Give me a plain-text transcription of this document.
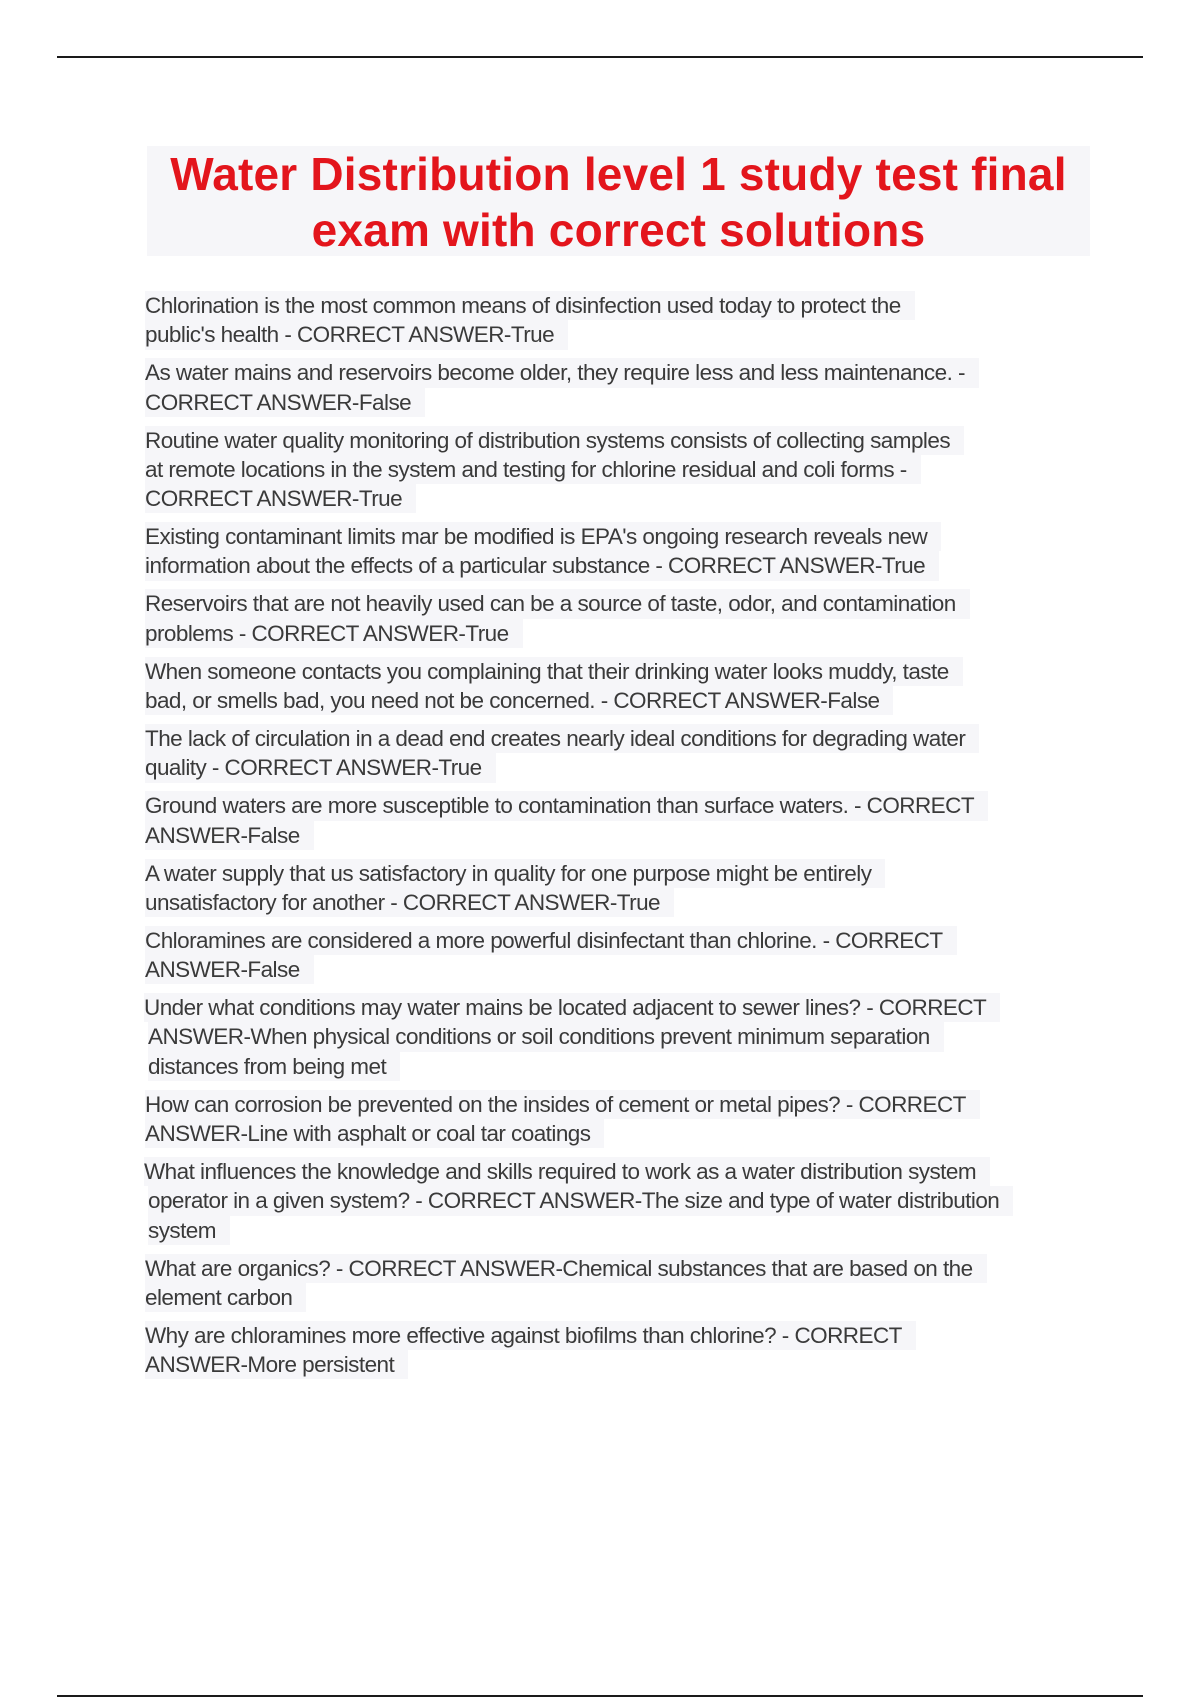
Water Distribution level 1 study test final
exam with correct solutions
Chlorination is the most common means of disinfection used today to protect the
public's health - CORRECT ANSWER-True
As water mains and reservoirs become older, they require less and less maintenance. -
CORRECT ANSWER-False
Routine water quality monitoring of distribution systems consists of collecting samples
at remote locations in the system and testing for chlorine residual and coli forms -
CORRECT ANSWER-True
Existing contaminant limits mar be modified is EPA's ongoing research reveals new
information about the effects of a particular substance - CORRECT ANSWER-True
Reservoirs that are not heavily used can be a source of taste, odor, and contamination
problems - CORRECT ANSWER-True
When someone contacts you complaining that their drinking water looks muddy, taste
bad, or smells bad, you need not be concerned. - CORRECT ANSWER-False
The lack of circulation in a dead end creates nearly ideal conditions for degrading water
quality - CORRECT ANSWER-True
Ground waters are more susceptible to contamination than surface waters. - CORRECT
ANSWER-False
A water supply that us satisfactory in quality for one purpose might be entirely
unsatisfactory for another - CORRECT ANSWER-True
Chloramines are considered a more powerful disinfectant than chlorine. - CORRECT
ANSWER-False
Under what conditions may water mains be located adjacent to sewer lines? - CORRECT
ANSWER-When physical conditions or soil conditions prevent minimum separation
distances from being met
How can corrosion be prevented on the insides of cement or metal pipes? - CORRECT
ANSWER-Line with asphalt or coal tar coatings
What influences the knowledge and skills required to work as a water distribution system
operator in a given system? - CORRECT ANSWER-The size and type of water distribution
system
What are organics? - CORRECT ANSWER-Chemical substances that are based on the
element carbon
Why are chloramines more effective against biofilms than chlorine? - CORRECT
ANSWER-More persistent
